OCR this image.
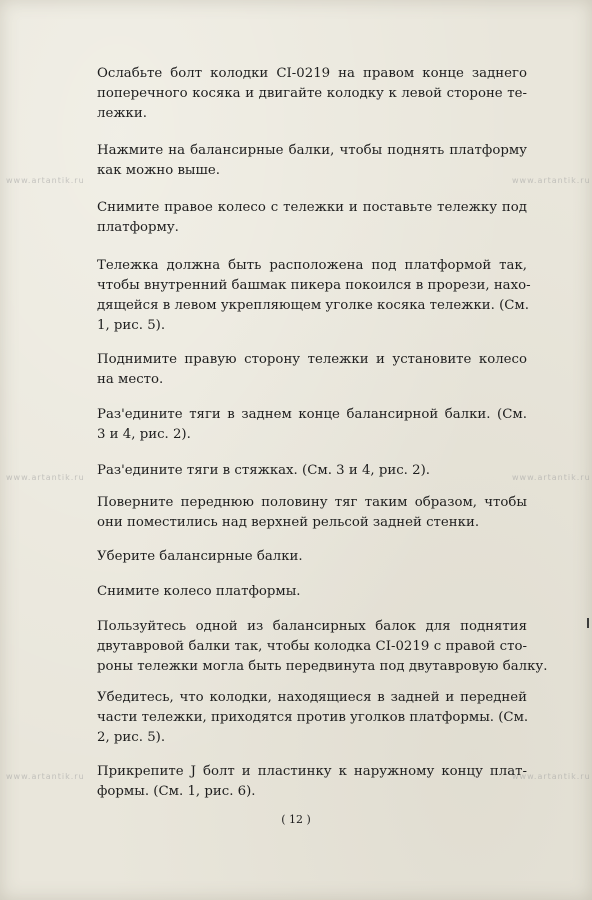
www.artantik.ru	www.artantik.ru
www.artantik.ru	www.artantik.ru
www.artantik.ru	www.artantik.ru
Ослабьте болт колодки CI-0219 на правом конце заднего
поперечного косяка и двигайте колодку к левой стороне те-
лежки.
Нажмите на балансирные балки, чтобы поднять платформу
как можно выше.
Снимите правое колесо с тележки и поставьте тележку под
платформу.
Тележка должна быть расположена под платформой так,
чтобы внутренний башмак пикера покоился в прорези, нахо-
дящейся в левом укрепляющем уголке косяка тележки. (См.
1, рис. 5).
Поднимите правую сторону тележки и установите колесо
на место.
Раз'едините тяги в заднем конце балансирной балки. (См.
3 и 4, рис. 2).
Раз'едините тяги в стяжках. (См. 3 и 4, рис. 2).
Поверните переднюю половину тяг таким образом, чтобы
они поместились над верхней рельсой задней стенки.
Уберите балансирные балки.
Снимите колесо платформы.
Пользуйтесь одной из балансирных балок для поднятия
двутавровой балки так, чтобы колодка CI-0219 с правой сто-
роны тележки могла быть передвинута под двутавровую балку.
Убедитесь, что колодки, находящиеся в задней и передней
части тележки, приходятся против уголков платформы. (См.
2, рис. 5).
Прикрепите J болт и пластинку к наружному концу плат-
формы. (См. 1, рис. 6).
( 12 )
